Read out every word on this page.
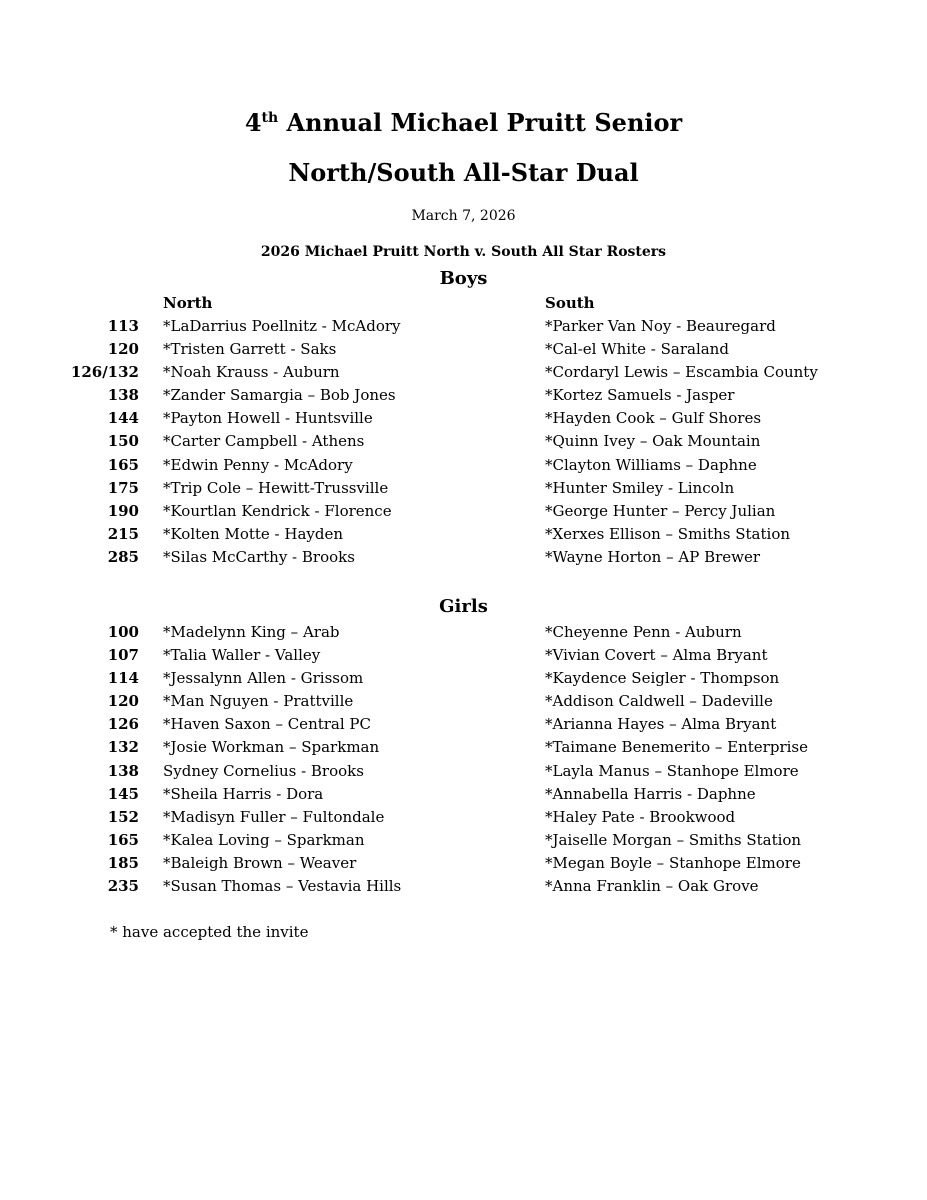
4th Annual Michael Pruitt Senior
North/South All-Star Dual
March 7, 2026
2026 Michael Pruitt North v. South All Star Rosters
Boys
North	South
113 *LaDarrius Poellnitz - McAdory	*Parker Van Noy - Beauregard
120 *Tristen Garrett - Saks	*Cal-el White - Saraland
126/132 *Noah Krauss - Auburn	*Cordaryl Lewis – Escambia County
138 *Zander Samargia – Bob Jones	*Kortez Samuels - Jasper
144 *Payton Howell - Huntsville	*Hayden Cook – Gulf Shores
150 *Carter Campbell - Athens	*Quinn Ivey – Oak Mountain
165 *Edwin Penny - McAdory	*Clayton Williams – Daphne
175 *Trip Cole – Hewitt-Trussville	*Hunter Smiley - Lincoln
190 *Kourtlan Kendrick - Florence	*George Hunter – Percy Julian
215 *Kolten Motte - Hayden	*Xerxes Ellison – Smiths Station
285 *Silas McCarthy - Brooks	*Wayne Horton – AP Brewer
Girls
100 *Madelynn King – Arab	*Cheyenne Penn - Auburn
107 *Talia Waller - Valley	*Vivian Covert – Alma Bryant
114 *Jessalynn Allen - Grissom	*Kaydence Seigler - Thompson
120 *Man Nguyen - Prattville	*Addison Caldwell – Dadeville
126 *Haven Saxon – Central PC	*Arianna Hayes – Alma Bryant
132 *Josie Workman – Sparkman	*Taimane Benemerito – Enterprise
138 Sydney Cornelius - Brooks	*Layla Manus – Stanhope Elmore
145 *Sheila Harris - Dora	*Annabella Harris - Daphne
152 *Madisyn Fuller – Fultondale	*Haley Pate - Brookwood
165 *Kalea Loving – Sparkman	*Jaiselle Morgan – Smiths Station
185 *Baleigh Brown – Weaver	*Megan Boyle – Stanhope Elmore
235 *Susan Thomas – Vestavia Hills	*Anna Franklin – Oak Grove
* have accepted the invite
